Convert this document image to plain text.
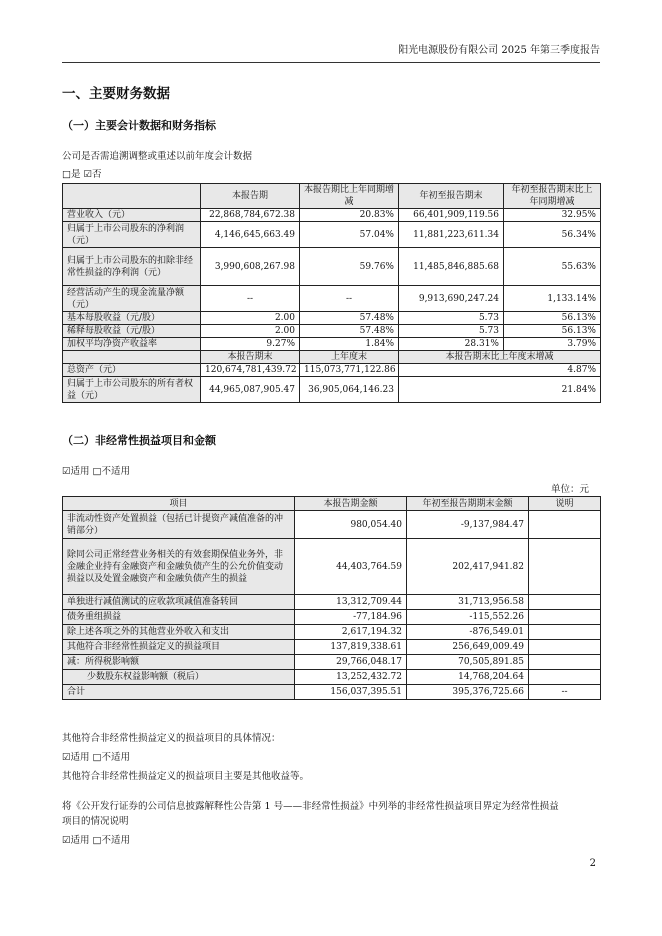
阳光电源股份有限公司 2025 年第三季度报告
一、主要财务数据
（一）主要会计数据和财务指标
公司是否需追溯调整或重述以前年度会计数据
□是 ☑否
	本报告期	本报告期比上年同期增减	年初至报告期末	年初至报告期末比上年同期增减
营业收入（元）	22,868,784,672.38	20.83%	66,401,909,119.56	32.95%
归属于上市公司股东的净利润（元）	4,146,645,663.49	57.04%	11,881,223,611.34	56.34%
归属于上市公司股东的扣除非经常性损益的净利润（元）	3,990,608,267.98	59.76%	11,485,846,885.68	55.63%
经营活动产生的现金流量净额（元）	--	--	9,913,690,247.24	1,133.14%
基本每股收益（元/股）	2.00	57.48%	5.73	56.13%
稀释每股收益（元/股）	2.00	57.48%	5.73	56.13%
加权平均净资产收益率	9.27%	1.84%	28.31%	3.79%
	本报告期末	上年度末	本报告期末比上年度末增减	
总资产（元）	120,674,781,439.72	115,073,771,122.86	4.87%	
归属于上市公司股东的所有者权益（元）	44,965,087,905.47	36,905,064,146.23	21.84%	
（二）非经常性损益项目和金额
☑适用 □不适用
单位：元
项目	本报告期金额	年初至报告期期末金额	说明
非流动性资产处置损益（包括已计提资产减值准备的冲销部分）	980,054.40	-9,137,984.47	
除同公司正常经营业务相关的有效套期保值业务外，非金融企业持有金融资产和金融负债产生的公允价值变动损益以及处置金融资产和金融负债产生的损益	44,403,764.59	202,417,941.82	
单独进行减值测试的应收款项减值准备转回	13,312,709.44	31,713,956.58	
债务重组损益	-77,184.96	-115,552.26	
除上述各项之外的其他营业外收入和支出	2,617,194.32	-876,549.01	
其他符合非经常性损益定义的损益项目	137,819,338.61	256,649,009.49	
减：所得税影响额	29,766,048.17	70,505,891.85	
少数股东权益影响额（税后）	13,252,432.72	14,768,204.64	
合计	156,037,395.51	395,376,725.66	--
其他符合非经常性损益定义的损益项目的具体情况：
☑适用 □不适用
其他符合非经常性损益定义的损益项目主要是其他收益等。
将《公开发行证券的公司信息披露解释性公告第 1 号——非经常性损益》中列举的非经常性损益项目界定为经常性损益
项目的情况说明
☑适用 □不适用
2
